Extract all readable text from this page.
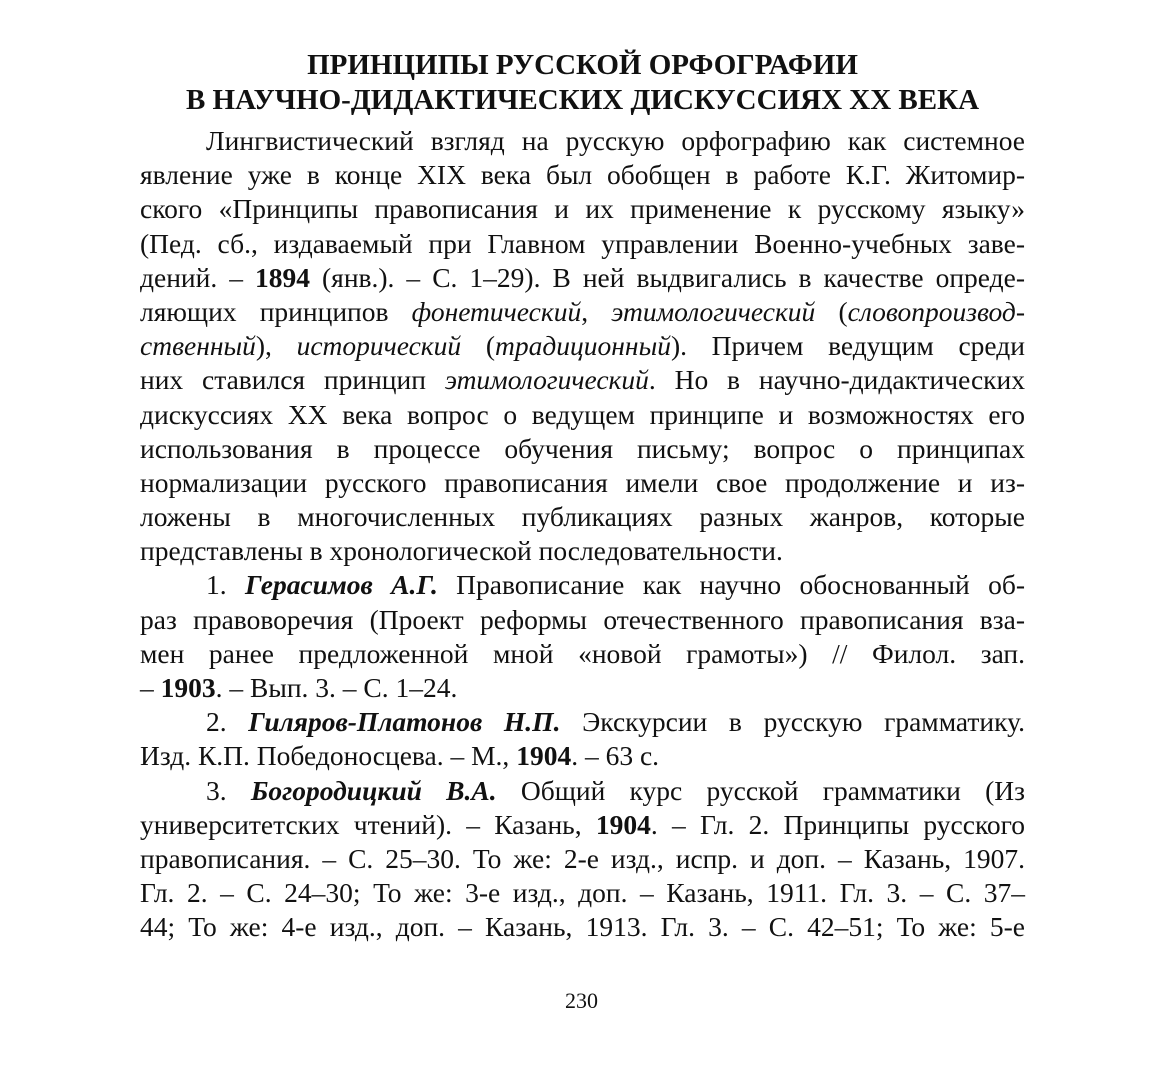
ПРИНЦИПЫ РУССКОЙ ОРФОГРАФИИ
В НАУЧНО-ДИДАКТИЧЕСКИХ ДИСКУССИЯХ XX ВЕКА
Лингвистический взгляд на русскую орфографию как системное
явление уже в конце XIX века был обобщен в работе К.Г. Житомир-
ского «Принципы правописания и их применение к русскому языку»
(Пед. сб., издаваемый при Главном управлении Военно-учебных заве-
дений. – 1894 (янв.). – С. 1–29). В ней выдвигались в качестве опреде-
ляющих принципов фонетический, этимологический (словопроизвод-
ственный), исторический (традиционный). Причем ведущим среди
них ставился принцип этимологический. Но в научно-дидактических
дискуссиях XX века вопрос о ведущем принципе и возможностях его
использования в процессе обучения письму; вопрос о принципах
нормализации русского правописания имели свое продолжение и из-
ложены в многочисленных публикациях разных жанров, которые
представлены в хронологической последовательности.
1. Герасимов А.Г. Правописание как научно обоснованный об-
раз правоворечия (Проект реформы отечественного правописания вза-
мен ранее предложенной мной «новой грамоты») // Филол. зап.
– 1903. – Вып. 3. – С. 1–24.
2. Гиляров-Платонов Н.П. Экскурсии в русскую грамматику.
Изд. К.П. Победоносцева. – М., 1904. – 63 с.
3. Богородицкий В.А. Общий курс русской грамматики (Из
университетских чтений). – Казань, 1904. – Гл. 2. Принципы русского
правописания. – С. 25–30. То же: 2-е изд., испр. и доп. – Казань, 1907.
Гл. 2. – С. 24–30; То же: 3-е изд., доп. – Казань, 1911. Гл. 3. – С. 37–
44; То же: 4-е изд., доп. – Казань, 1913. Гл. 3. – С. 42–51; То же: 5-е
230
